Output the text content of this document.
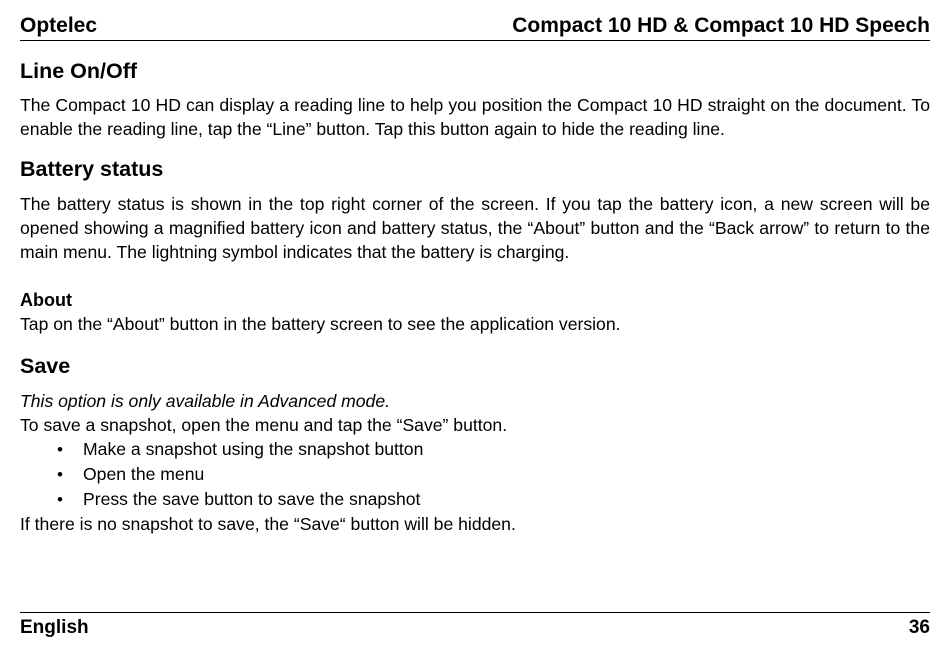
Optelec	Compact 10 HD & Compact 10 HD Speech
Line On/Off

The Compact 10 HD can display a reading line to help you position the Compact 10 HD straight on the document. To enable the reading line, tap the “Line” button. Tap this button again to hide the reading line.

Battery status

The battery status is shown in the top right corner of the screen. If you tap the battery icon, a new screen will be opened showing a magnified battery icon and battery status, the “About” button and the “Back arrow” to return to the main menu. The lightning symbol indicates that the battery is charging.

About

Tap on the “About” button in the battery screen to see the application version.

Save

This option is only available in Advanced mode.

To save a snapshot, open the menu and tap the “Save” button.

• Make a snapshot using the snapshot button
• Open the menu
• Press the save button to save the snapshot

If there is no snapshot to save, the “Save“ button will be hidden.

English	36
